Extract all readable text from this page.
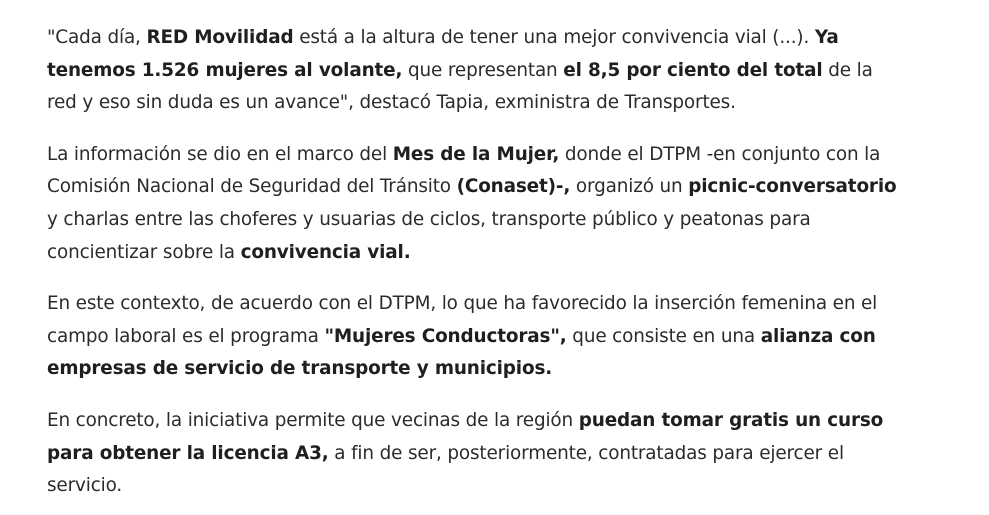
"Cada día, RED Movilidad está a la altura de tener una mejor convivencia vial (...). Ya tenemos 1.526 mujeres al volante, que representan el 8,5 por ciento del total de la red y eso sin duda es un avance", destacó Tapia, exministra de Transportes.

La información se dio en el marco del Mes de la Mujer, donde el DTPM -en conjunto con la Comisión Nacional de Seguridad del Tránsito (Conaset)-, organizó un picnic-conversatorio y charlas entre las choferes y usuarias de ciclos, transporte público y peatonas para concientizar sobre la convivencia vial.

En este contexto, de acuerdo con el DTPM, lo que ha favorecido la inserción femenina en el campo laboral es el programa "Mujeres Conductoras", que consiste en una alianza con empresas de servicio de transporte y municipios.

En concreto, la iniciativa permite que vecinas de la región puedan tomar gratis un curso para obtener la licencia A3, a fin de ser, posteriormente, contratadas para ejercer el servicio.
